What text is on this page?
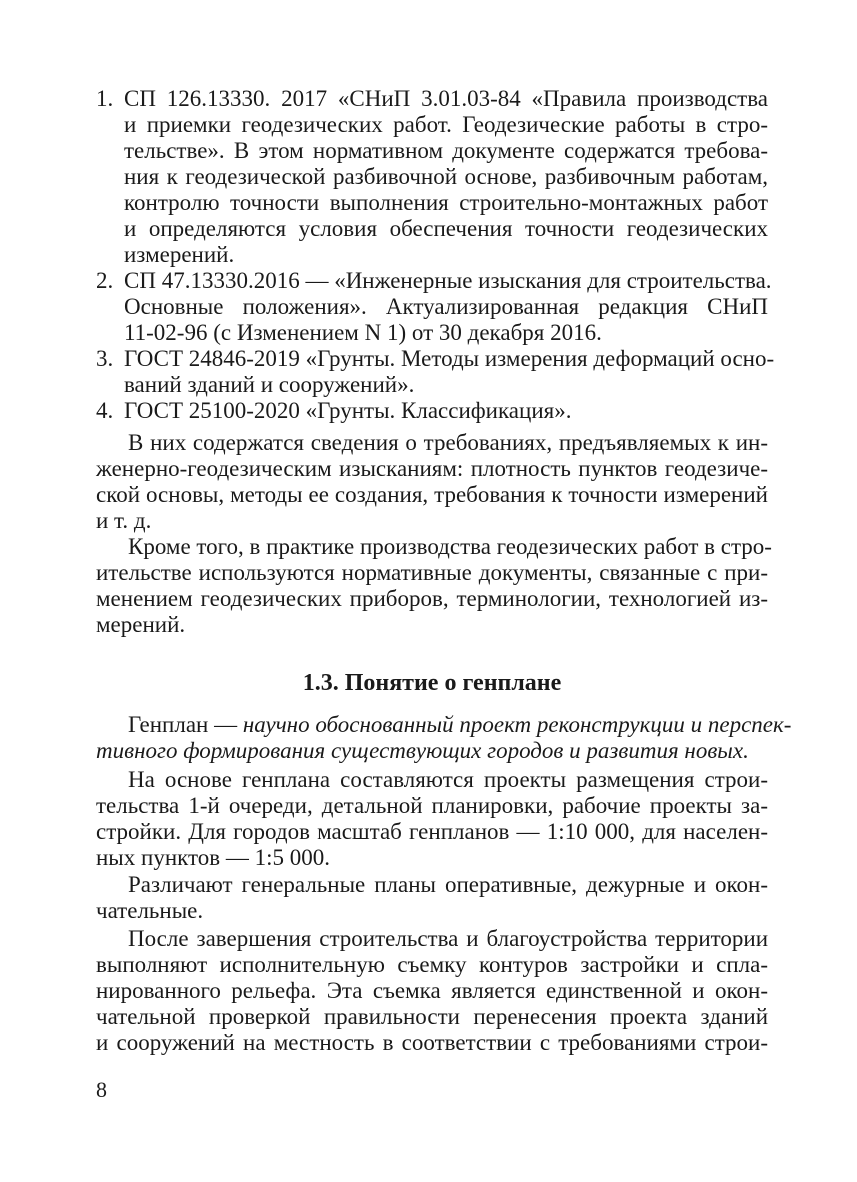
1. СП 126.13330. 2017 «СНиП 3.01.03-84 «Правила производства
и приемки геодезических работ. Геодезические работы в стро-
тельстве». В этом нормативном документе содержатся требова-
ния к геодезической разбивочной основе, разбивочным работам,
контролю точности выполнения строительно-монтажных работ
и определяются условия обеспечения точности геодезических
измерений.
2. СП 47.13330.2016 — «Инженерные изыскания для строительства.
Основные положения». Актуализированная редакция СНиП
11-02-96 (с Изменением N 1) от 30 декабря 2016.
3. ГОСТ 24846-2019 «Грунты. Методы измерения деформаций осно-
ваний зданий и сооружений».
4. ГОСТ 25100-2020 «Грунты. Классификация».
В них содержатся сведения о требованиях, предъявляемых к ин-
женерно-геодезическим изысканиям: плотность пунктов геодезиче-
ской основы, методы ее создания, требования к точности измерений
и т. д.
Кроме того, в практике производства геодезических работ в стро-
ительстве используются нормативные документы, связанные с при-
менением геодезических приборов, терминологии, технологией из-
мерений.
1.3. Понятие о генплане
Генплан — научно обоснованный проект реконструкции и перспек-
тивного формирования существующих городов и развития новых.
На основе генплана составляются проекты размещения строи-
тельства 1-й очереди, детальной планировки, рабочие проекты за-
стройки. Для городов масштаб генпланов — 1:10 000, для населен-
ных пунктов — 1:5 000.
Различают генеральные планы оперативные, дежурные и окон-
чательные.
После завершения строительства и благоустройства территории
выполняют исполнительную съемку контуров застройки и спла-
нированного рельефа. Эта съемка является единственной и окон-
чательной проверкой правильности перенесения проекта зданий
и сооружений на местность в соответствии с требованиями строи-
8
